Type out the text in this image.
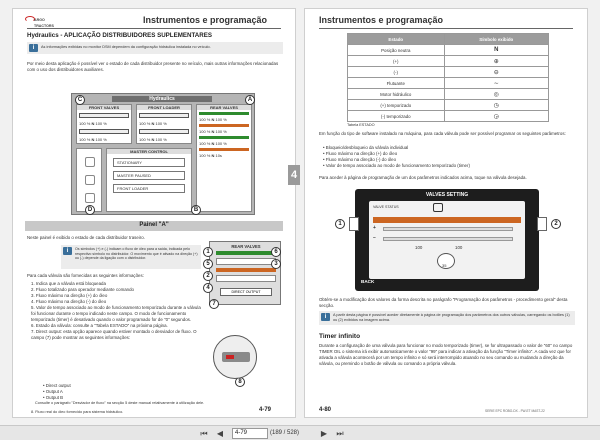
ARGO TRACTORS
Instrumentos e programação
Hydraulics - APLICAÇÃO DISTRIBUIDORES SUPLEMENTARES
i	As informações exibidas no monitor DSM dependem da configuração hidráulica instalada no veículo.
Por meio desta aplicação é possível ver o estado de cada distribuidor presente no veículo, mais outras informações relacionadas com o uso dos distribuidores auxiliares.
Hydraulics
FRONT VALVES
100 % N 100 %
100 % N 100 %
FRONT LOADER
100 % N 100 %
100 % N 100 %
REAR VALVES
100 % N 100 %
100 % N 100 %
100 % N 100 %
100 % N 10s
MASTER CONTROL
STATIONARY
MASTER PAUSED
FRONT LOADER
C	A
D	B
Painel "A"
Neste painel é exibido o estado de cada distribuidor traseiro.
i	Os símbolos (+) e (-) indicam o fluxo de óleo para a saída, indicada pelo respectivo símbolo no distribuidor. O movimento que é ativado na direção (+) ou (-) depende da ligação com o distribuidor.
REAR VALVES
DIRECT OUTPUT
1
2
3
4
5
6
7
8
Para cada válvula são fornecidas as seguintes informações:
1. Indica que a válvula está bloqueada
2. Fluxo totalizado para operador mediante comando
3. Fluxo máximo na direção (+) do óleo
4. Fluxo máximo na direção (-) do óleo
5. Valor de tempo associado ao modo de funcionamento temporizado durante a válvula foi funcionar durante o tempo indicado neste campo. O modo de funcionamento temporizado (timer) é desativado quando o valor programado for de "0" segundos.
6. Estado da válvula: consulte a "Tabela ESTADO" na próxima página.
7. Direct output: esta opção aparece quando estiver montado o desviador de fluxo. O campo (7) pode mostrar as seguintes informações:
• Direct output
• Output A
• Output B
Consulte o parágrafo "Desviador de fluxo" na secção 5 deste manual relativamente à utilização dele.
8. Fluxo real do óleo fornecido para sistema hidráulico.	4-79
4
Instrumentos e programação
Estado	Símbolo exibido
Posição neutra	N
(+)	⊕
(-)	⊖
Flutuante	∼
Motor hidráulico	◎
(+) temporizado	◷
(-) temporizado	◶
Tabela ESTADO
Em função do tipo de software instalado na máquina, para cada válvula pode ser possível programar os seguintes parâmetros:
• Bloqueio/desbloqueio da válvula individual
• Fluxo máximo na direção (+) do óleo
• Fluxo máximo na direção (-) do óleo
• Valor de tempo associado ao modo de funcionamento temporizado (timer)
Para aceder à página de programação de um dos parâmetros indicados acima, toque na válvula desejada.
VALVES SETTING
VALVE STATUS
+
−
100	100
35
BACK
1	2
Obtém-se a modificação dos valores da forma descrita no parágrafo "Programação dos parâmetros - procedimento geral" desta secção.
i	A partir desta página é possível aceder diretamente à página de programação dos parâmetros dos outros válvulas, carregando os botões (1) ou (2) exibidos na imagem acima.
Timer infinito
Durante a configuração de uma válvula para funcionar no modo temporizado (timer), se for ultrapassado o valor de "60" no campo TIMER OIL o sistema irá exibir automaticamente o valor "99" para indicar a ativação da função "Timer infinito". A cada vez que for ativada a válvula acontecerá por um tempo infinito e só será interrompido atuando no seu comando ou mudando a direção da válvula, ou premindo o botão de válvula ou comando a própria válvula.
4-80	SERIE EPC ROBO-DX - FW-ET MAST-22
⏮	◀	4-79	(189 / 528)	▶	⏭
